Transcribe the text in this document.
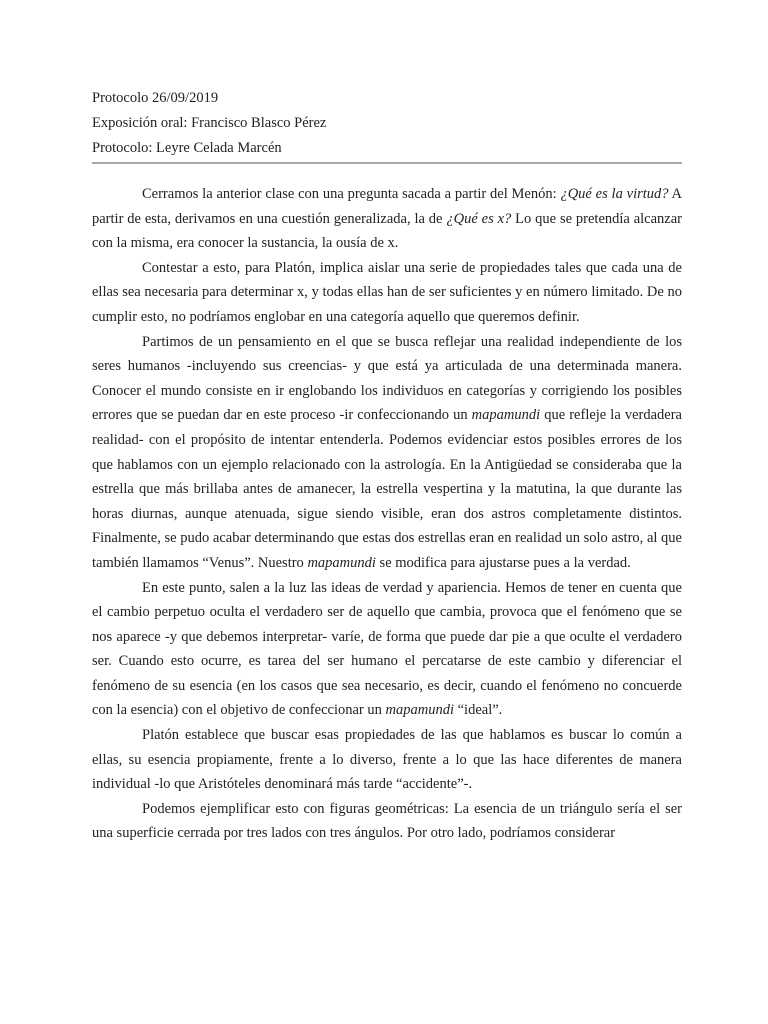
Protocolo 26/09/2019
Exposición oral: Francisco Blasco Pérez
Protocolo: Leyre Celada Marcén

Cerramos la anterior clase con una pregunta sacada a partir del Menón: ¿Qué es la virtud? A partir de esta, derivamos en una cuestión generalizada, la de ¿Qué es x? Lo que se pretendía alcanzar con la misma, era conocer la sustancia, la ousía de x.

Contestar a esto, para Platón, implica aislar una serie de propiedades tales que cada una de ellas sea necesaria para determinar x, y todas ellas han de ser suficientes y en número limitado. De no cumplir esto, no podríamos englobar en una categoría aquello que queremos definir.

Partimos de un pensamiento en el que se busca reflejar una realidad independiente de los seres humanos -incluyendo sus creencias- y que está ya articulada de una determinada manera. Conocer el mundo consiste en ir englobando los individuos en categorías y corrigiendo los posibles errores que se puedan dar en este proceso -ir confeccionando un mapamundi que refleje la verdadera realidad- con el propósito de intentar entenderla. Podemos evidenciar estos posibles errores de los que hablamos con un ejemplo relacionado con la astrología. En la Antigüedad se consideraba que la estrella que más brillaba antes de amanecer, la estrella vespertina y la matutina, la que durante las horas diurnas, aunque atenuada, sigue siendo visible, eran dos astros completamente distintos. Finalmente, se pudo acabar determinando que estas dos estrellas eran en realidad un solo astro, al que también llamamos “Venus”. Nuestro mapamundi se modifica para ajustarse pues a la verdad.

En este punto, salen a la luz las ideas de verdad y apariencia. Hemos de tener en cuenta que el cambio perpetuo oculta el verdadero ser de aquello que cambia, provoca que el fenómeno que se nos aparece -y que debemos interpretar- varíe, de forma que puede dar pie a que oculte el verdadero ser. Cuando esto ocurre, es tarea del ser humano el percatarse de este cambio y diferenciar el fenómeno de su esencia (en los casos que sea necesario, es decir, cuando el fenómeno no concuerde con la esencia) con el objetivo de confeccionar un mapamundi “ideal”.

Platón establece que buscar esas propiedades de las que hablamos es buscar lo común a ellas, su esencia propiamente, frente a lo diverso, frente a lo que las hace diferentes de manera individual -lo que Aristóteles denominará más tarde “accidente”-.

Podemos ejemplificar esto con figuras geométricas: La esencia de un triángulo sería el ser una superficie cerrada por tres lados con tres ángulos. Por otro lado, podríamos considerar
